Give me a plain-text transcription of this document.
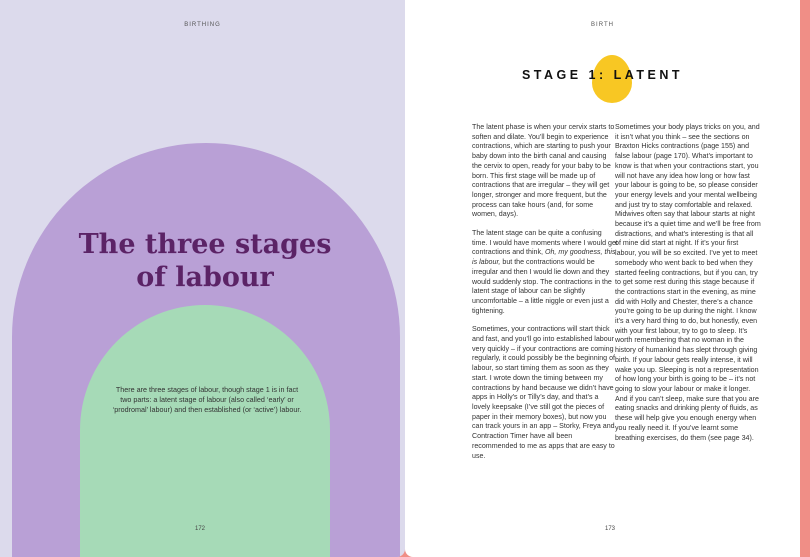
BIRTHING
The three stages
of labour

There are three stages of labour, though stage 1 is in fact two parts: a latent stage of labour (also called ‘early’ or ‘prodromal’ labour) and then established (or ‘active’) labour.

172
BIRTH
STAGE 1: LATENT

The latent phase is when your cervix starts to soften and dilate. You’ll begin to experience contractions, which are starting to push your baby down into the birth canal and causing the cervix to open, ready for your baby to be born. This first stage will be made up of contractions that are irregular – they will get longer, stronger and more frequent, but the process can take hours (and, for some women, days).

The latent stage can be quite a confusing time. I would have moments where I would get contractions and think, Oh, my goodness, this is labour, but the contractions would be irregular and then I would lie down and they would suddenly stop. The contractions in the latent stage of labour can be slightly uncomfortable – a little niggle or even just a tightening.

Sometimes, your contractions will start thick and fast, and you’ll go into established labour very quickly – if your contractions are coming regularly, it could possibly be the beginning of labour, so start timing them as soon as they start. I wrote down the timing between my contractions by hand because we didn’t have apps in Holly’s or Tilly’s day, and that’s a lovely keepsake (I’ve still got the pieces of paper in their memory boxes), but now you can track yours in an app – Storky, Freya and Contraction Timer have all been recommended to me as apps that are easy to use.

Sometimes your body plays tricks on you, and it isn’t what you think – see the sections on Braxton Hicks contractions (page 155) and false labour (page 170). What’s important to know is that when your contractions start, you will not have any idea how long or how fast your labour is going to be, so please consider your energy levels and your mental wellbeing and just try to stay comfortable and relaxed. Midwives often say that labour starts at night because it’s a quiet time and we’ll be free from distractions, and what’s interesting is that all of mine did start at night. If it’s your first labour, you will be so excited. I’ve yet to meet somebody who went back to bed when they started feeling contractions, but if you can, try to get some rest during this stage because if the contractions start in the evening, as mine did with Holly and Chester, there’s a chance you’re going to be up during the night. I know it’s a very hard thing to do, but honestly, even with your first labour, try to go to sleep. It’s worth remembering that no woman in the history of humankind has slept through giving birth. If your labour gets really intense, it will wake you up. Sleeping is not a representation of how long your birth is going to be – it’s not going to slow your labour or make it longer. And if you can’t sleep, make sure that you are eating snacks and drinking plenty of fluids, as these will help give you enough energy when you really need it. If you’ve learnt some breathing exercises, do them (see page 34).

173
